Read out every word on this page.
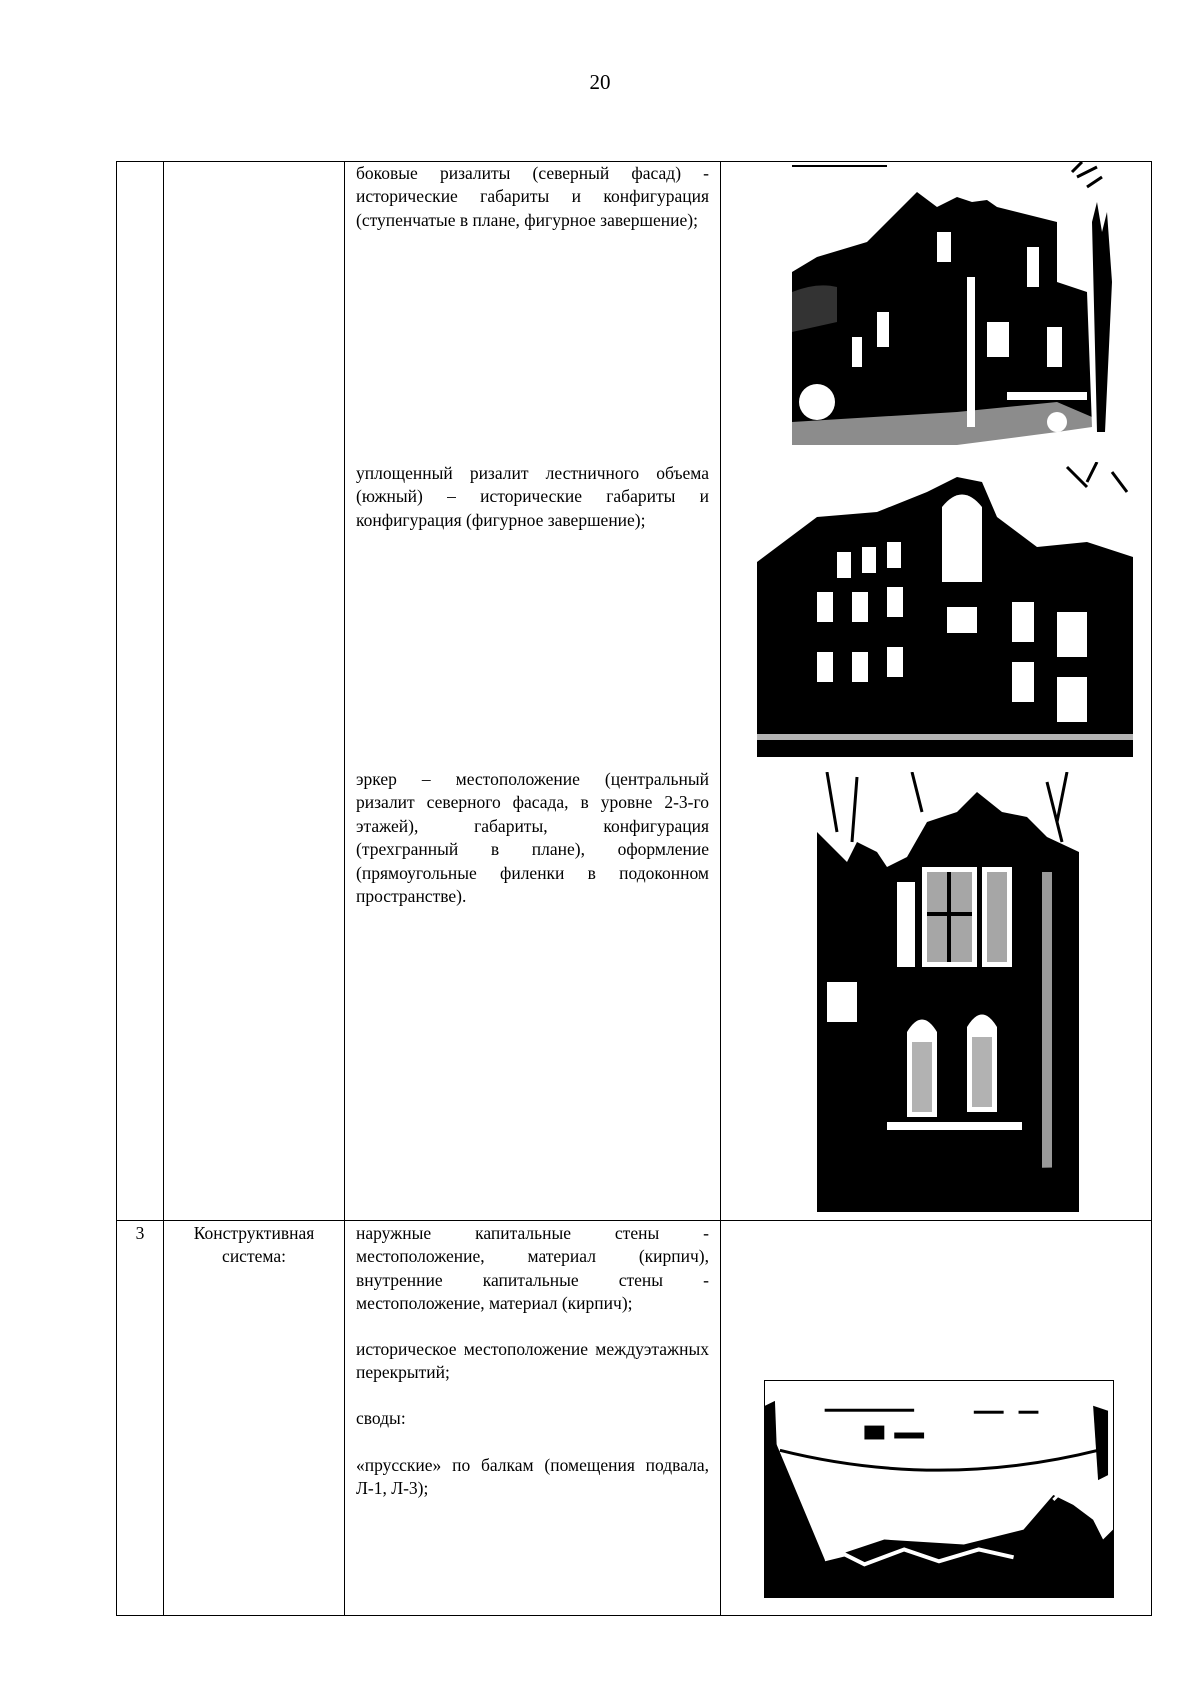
20
боковые ризалиты (северный фасад) - исторические габариты и конфигурация (ступенчатые в плане, фигурное завершение);
уплощенный ризалит лестничного объема (южный) – исторические габариты и конфигурация (фигурное завершение);
эркер – местоположение (центральный ризалит северного фасада, в уровне 2-3-го этажей), габариты, конфигурация (трехгранный в плане), оформление (прямоугольные филенки в подоконном пространстве).
3	Конструктивная система:
наружные капитальные стены - местоположение, материал (кирпич), внутренние капитальные стены - местоположение, материал (кирпич);
историческое местоположение междуэтажных перекрытий;
своды:
«прусские» по балкам (помещения подвала, Л-1, Л-3);
